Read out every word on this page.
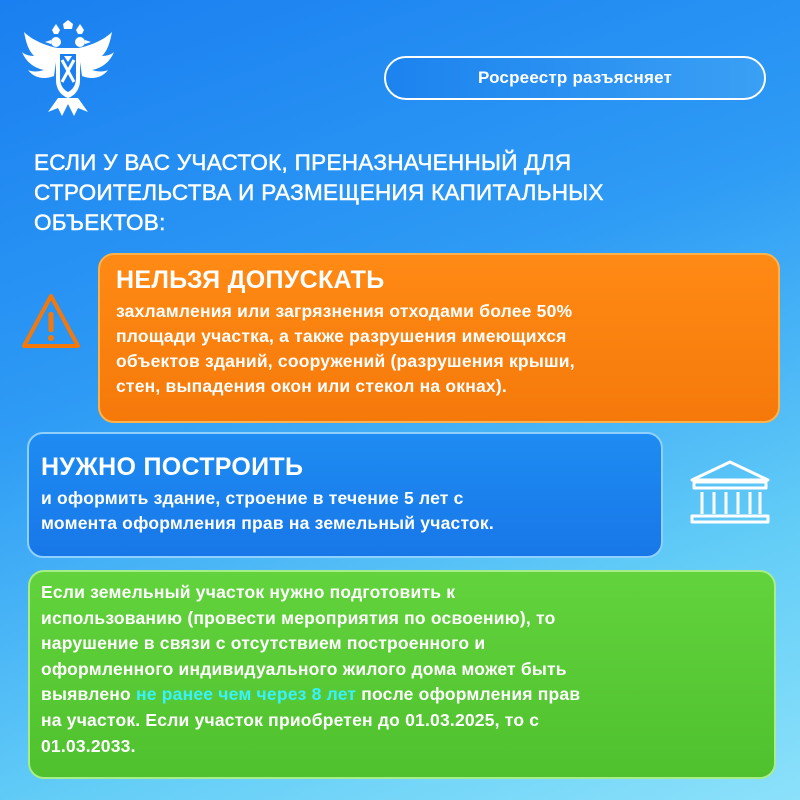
Росреестр разъясняет
ЕСЛИ У ВАС УЧАСТОК, ПРЕНАЗНАЧЕННЫЙ ДЛЯ
СТРОИТЕЛЬСТВА И РАЗМЕЩЕНИЯ КАПИТАЛЬНЫХ
ОБЪЕКТОВ:
НЕЛЬЗЯ ДОПУСКАТЬ
захламления или загрязнения отходами более 50%
площади участка, а также разрушения имеющихся
объектов зданий, сооружений (разрушения крыши,
стен, выпадения окон или стекол на окнах).
НУЖНО ПОСТРОИТЬ
и оформить здание, строение в течение 5 лет с
момента оформления прав на земельный участок.
Если земельный участок нужно подготовить к
использованию (провести мероприятия по освоению), то
нарушение в связи с отсутствием построенного и
оформленного индивидуального жилого дома может быть
выявлено не ранее чем через 8 лет после оформления прав
на участок. Если участок приобретен до 01.03.2025, то с
01.03.2033.
